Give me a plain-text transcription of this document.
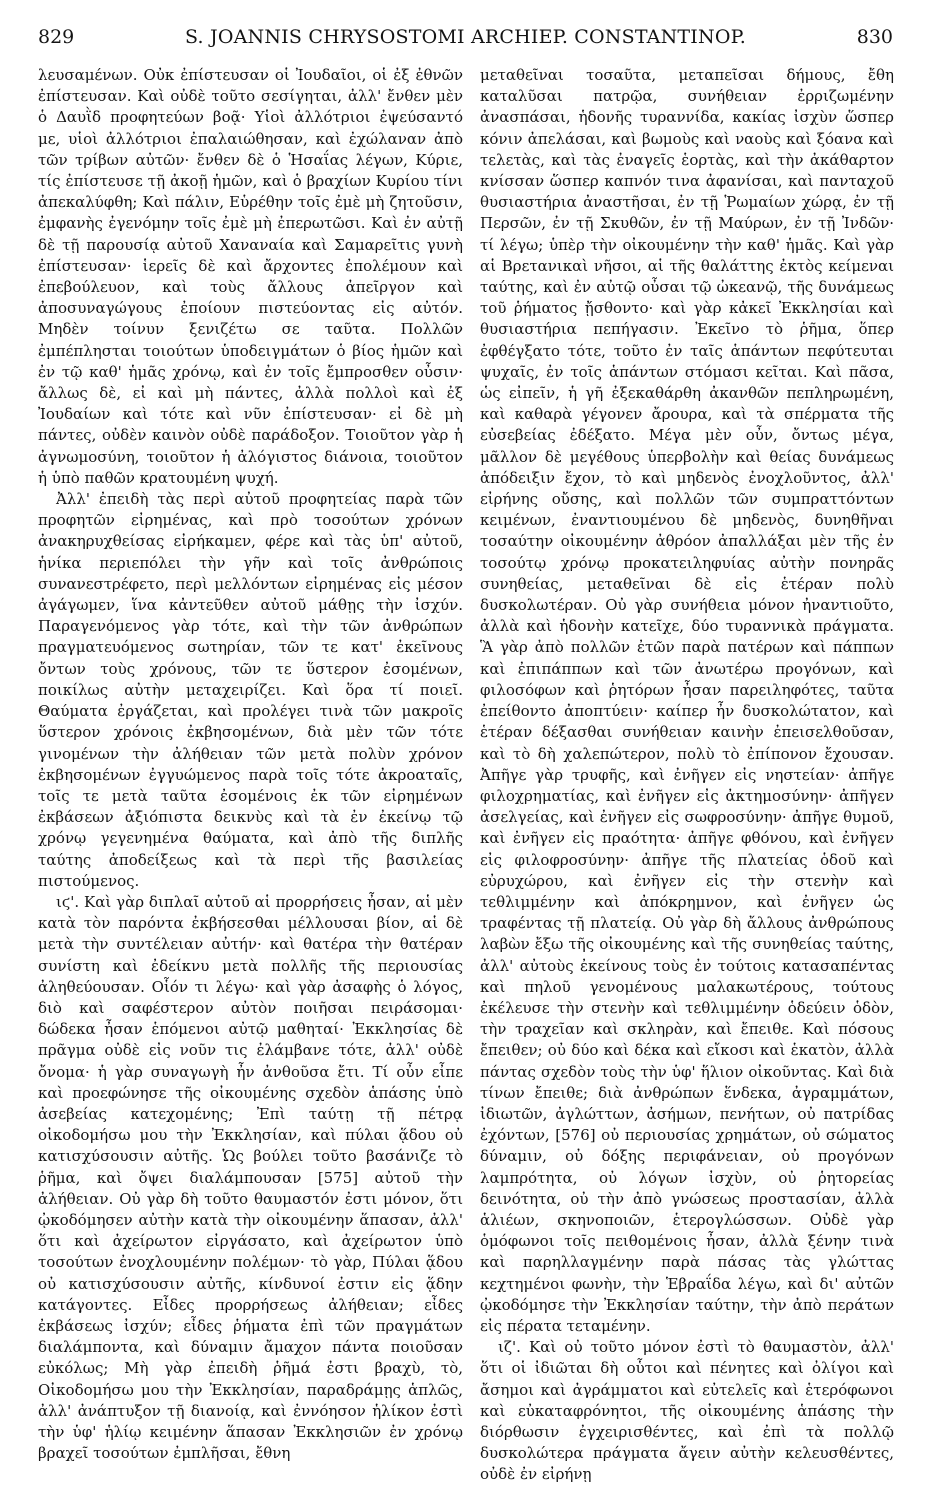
829	S. JOANNIS CHRYSOSTOMI ARCHIEP. CONSTANTINOP.	830

λευσαμένων. Οὐκ ἐπίστευσαν οἱ Ἰουδαῖοι, οἱ ἐξ ἐθνῶν ἐπίστευσαν. Καὶ οὐδὲ τοῦτο σεσίγηται, ἀλλ' ἔνθεν μὲν ὁ Δαυῒδ προφητεύων βοᾷ· Υἱοὶ ἀλλότριοι ἐψεύσαντό με, υἱοὶ ἀλλότριοι ἐπαλαιώθησαν, καὶ ἐχώλαναν ἀπὸ τῶν τρίβων αὐτῶν· ἔνθεν δὲ ὁ Ἡσαΐας λέγων, Κύριε, τίς ἐπίστευσε τῇ ἀκοῇ ἡμῶν, καὶ ὁ βραχίων Κυρίου τίνι ἀπεκαλύφθη; Καὶ πάλιν, Εὑρέθην τοῖς ἐμὲ μὴ ζητοῦσιν, ἐμφανὴς ἐγενόμην τοῖς ἐμὲ μὴ ἐπερωτῶσι. Καὶ ἐν αὐτῇ δὲ τῇ παρουσίᾳ αὐτοῦ Χαναναία καὶ Σαμαρεῖτις γυνὴ ἐπίστευσαν· ἱερεῖς δὲ καὶ ἄρχοντες ἐπολέμουν καὶ ἐπεβούλευον, καὶ τοὺς ἄλλους ἀπεῖργον καὶ ἀποσυναγώγους ἐποίουν πιστεύοντας εἰς αὐτόν. Μηδὲν τοίνυν ξενιζέτω σε ταῦτα. Πολλῶν ἐμπέπλησται τοιούτων ὑποδειγμάτων ὁ βίος ἡμῶν καὶ ἐν τῷ καθ' ἡμᾶς χρόνῳ, καὶ ἐν τοῖς ἔμπροσθεν οὖσιν· ἄλλως δὲ, εἰ καὶ μὴ πάντες, ἀλλὰ πολλοὶ καὶ ἐξ Ἰουδαίων καὶ τότε καὶ νῦν ἐπίστευσαν· εἰ δὲ μὴ πάντες, οὐδὲν καινὸν οὐδὲ παράδοξον. Τοιοῦτον γὰρ ἡ ἀγνωμοσύνη, τοιοῦτον ἡ ἀλόγιστος διάνοια, τοιοῦτον ἡ ὑπὸ παθῶν κρατουμένη ψυχή.

Ἀλλ' ἐπειδὴ τὰς περὶ αὐτοῦ προφητείας παρὰ τῶν προφητῶν εἰρημένας, καὶ πρὸ τοσούτων χρόνων ἀνακηρυχθείσας εἰρήκαμεν, φέρε καὶ τὰς ὑπ' αὐτοῦ, ἡνίκα περιεπόλει τὴν γῆν καὶ τοῖς ἀνθρώποις συνανεστρέφετο, περὶ μελλόντων εἰρημένας εἰς μέσον ἀγάγωμεν, ἵνα κἀντεῦθεν αὐτοῦ μάθῃς τὴν ἰσχύν. Παραγενόμενος γὰρ τότε, καὶ τὴν τῶν ἀνθρώπων πραγματευόμενος σωτηρίαν, τῶν τε κατ' ἐκεῖνους ὄντων τοὺς χρόνους, τῶν τε ὕστερον ἐσομένων, ποικίλως αὐτὴν μεταχειρίζει. Καὶ ὅρα τί ποιεῖ. Θαύματα ἐργάζεται, καὶ προλέγει τινὰ τῶν μακροῖς ὕστερον χρόνοις ἐκβησομένων, διὰ μὲν τῶν τότε γινομένων τὴν ἀλήθειαν τῶν μετὰ πολὺν χρόνον ἐκβησομένων ἐγγυώμενος παρὰ τοῖς τότε ἀκροαταῖς, τοῖς τε μετὰ ταῦτα ἐσομένοις ἐκ τῶν εἰρημένων ἐκβάσεων ἀξιόπιστα δεικνὺς καὶ τὰ ἐν ἐκείνῳ τῷ χρόνῳ γεγενημένα θαύματα, καὶ ἀπὸ τῆς διπλῆς ταύτης ἀποδείξεως καὶ τὰ περὶ τῆς βασιλείας πιστούμενος.

ιϛ'. Καὶ γὰρ διπλαῖ αὐτοῦ αἱ προρρήσεις ἦσαν, αἱ μὲν κατὰ τὸν παρόντα ἐκβήσεσθαι μέλλουσαι βίον, αἱ δὲ μετὰ τὴν συντέλειαν αὐτήν· καὶ θατέρα τὴν θατέραν συνίστη καὶ ἐδείκνυ μετὰ πολλῆς τῆς περιουσίας ἀληθεύουσαν. Οἷόν τι λέγω· καὶ γὰρ ἀσαφὴς ὁ λόγος, διὸ καὶ σαφέστερον αὐτὸν ποιῆσαι πειράσομαι· δώδεκα ἦσαν ἑπόμενοι αὐτῷ μαθηταί· Ἐκκλησίας δὲ πρᾶγμα οὐδὲ εἰς νοῦν τις ἐλάμβανε τότε, ἀλλ' οὐδὲ ὄνομα· ἡ γὰρ συναγωγὴ ἦν ἀνθοῦσα ἔτι. Τί οὖν εἶπε καὶ προεφώνησε τῆς οἰκουμένης σχεδὸν ἁπάσης ὑπὸ ἀσεβείας κατεχομένης; Ἐπὶ ταύτῃ τῇ πέτρᾳ οἰκοδομήσω μου τὴν Ἐκκλησίαν, καὶ πύλαι ᾅδου οὐ κατισχύσουσιν αὐτῆς. Ὡς βούλει τοῦτο βασάνιζε τὸ ῥῆμα, καὶ ὄψει διαλάμπουσαν [575] αὐτοῦ τὴν ἀλήθειαν. Οὐ γὰρ δὴ τοῦτο θαυμαστόν ἐστι μόνον, ὅτι ᾠκοδόμησεν αὐτὴν κατὰ τὴν οἰκουμένην ἅπασαν, ἀλλ' ὅτι καὶ ἀχείρωτον εἰργάσατο, καὶ ἀχείρωτον ὑπὸ τοσούτων ἐνοχλουμένην πολέμων· τὸ γὰρ, Πύλαι ᾅδου οὐ κατισχύσουσιν αὐτῆς, κίνδυνοί ἐστιν εἰς ᾅδην κατάγοντες. Εἶδες προρρήσεως ἀλήθειαν; εἶδες ἐκβάσεως ἰσχύν; εἶδες ῥήματα ἐπὶ τῶν πραγμάτων διαλάμποντα, καὶ δύναμιν ἄμαχον πάντα ποιοῦσαν εὐκόλως; Μὴ γὰρ ἐπειδὴ ῥῆμά ἐστι βραχὺ, τὸ, Οἰκοδομήσω μου τὴν Ἐκκλησίαν, παραδράμῃς ἁπλῶς, ἀλλ' ἀνάπτυξον τῇ διανοίᾳ, καὶ ἐννόησον ἡλίκον ἐστὶ τὴν ὑφ' ἡλίῳ κειμένην ἅπασαν Ἐκκλησιῶν ἐν χρόνῳ βραχεῖ τοσούτων ἐμπλῆσαι, ἔθνη

μεταθεῖναι τοσαῦτα, μεταπεῖσαι δήμους, ἔθη καταλῦσαι πατρῷα, συνήθειαν ἐρριζωμένην ἀνασπάσαι, ἡδονῆς τυραννίδα, κακίας ἰσχὺν ὥσπερ κόνιν ἀπελάσαι, καὶ βωμοὺς καὶ ναοὺς καὶ ξόανα καὶ τελετὰς, καὶ τὰς ἐναγεῖς ἑορτὰς, καὶ τὴν ἀκάθαρτον κνίσσαν ὥσπερ καπνόν τινα ἀφανίσαι, καὶ πανταχοῦ θυσιαστήρια ἀναστῆσαι, ἐν τῇ Ῥωμαίων χώρᾳ, ἐν τῇ Περσῶν, ἐν τῇ Σκυθῶν, ἐν τῇ Μαύρων, ἐν τῇ Ἰνδῶν· τί λέγω; ὑπὲρ τὴν οἰκουμένην τὴν καθ' ἡμᾶς. Καὶ γὰρ αἱ Βρετανικαὶ νῆσοι, αἱ τῆς θαλάττης ἐκτὸς κείμεναι ταύτης, καὶ ἐν αὐτῷ οὖσαι τῷ ὠκεανῷ, τῆς δυνάμεως τοῦ ῥήματος ᾔσθοντο· καὶ γὰρ κἀκεῖ Ἐκκλησίαι καὶ θυσιαστήρια πεπήγασιν. Ἐκεῖνο τὸ ῥῆμα, ὅπερ ἐφθέγξατο τότε, τοῦτο ἐν ταῖς ἁπάντων πεφύτευται ψυχαῖς, ἐν τοῖς ἁπάντων στόμασι κεῖται. Καὶ πᾶσα, ὡς εἰπεῖν, ἡ γῆ ἐξεκαθάρθη ἀκανθῶν πεπληρωμένη, καὶ καθαρὰ γέγονεν ἄρουρα, καὶ τὰ σπέρματα τῆς εὐσεβείας ἐδέξατο. Μέγα μὲν οὖν, ὄντως μέγα, μᾶλλον δὲ μεγέθους ὑπερβολὴν καὶ θείας δυνάμεως ἀπόδειξιν ἔχον, τὸ καὶ μηδενὸς ἐνοχλοῦντος, ἀλλ' εἰρήνης οὔσης, καὶ πολλῶν τῶν συμπραττόντων κειμένων, ἐναντιουμένου δὲ μηδενὸς, δυνηθῆναι τοσαύτην οἰκουμένην ἀθρόον ἀπαλλάξαι μὲν τῆς ἐν τοσούτῳ χρόνῳ προκατειληφυίας αὐτὴν πονηρᾶς συνηθείας, μεταθεῖναι δὲ εἰς ἑτέραν πολὺ δυσκολωτέραν. Οὐ γὰρ συνήθεια μόνον ἠναντιοῦτο, ἀλλὰ καὶ ἡδονὴν κατεῖχε, δύο τυραννικὰ πράγματα. Ἃ γὰρ ἀπὸ πολλῶν ἐτῶν παρὰ πατέρων καὶ πάππων καὶ ἐπιπάππων καὶ τῶν ἀνωτέρω προγόνων, καὶ φιλοσόφων καὶ ῥητόρων ἦσαν παρειληφότες, ταῦτα ἐπείθοντο ἀποπτύειν· καίπερ ἦν δυσκολώτατον, καὶ ἑτέραν δέξασθαι συνήθειαν καινὴν ἐπεισελθοῦσαν, καὶ τὸ δὴ χαλεπώτερον, πολὺ τὸ ἐπίπονον ἔχουσαν. Ἀπῆγε γὰρ τρυφῆς, καὶ ἐνῆγεν εἰς νηστείαν· ἀπῆγε φιλοχρηματίας, καὶ ἐνῆγεν εἰς ἀκτημοσύνην· ἀπῆγεν ἀσελγείας, καὶ ἐνῆγεν εἰς σωφροσύνην· ἀπῆγε θυμοῦ, καὶ ἐνῆγεν εἰς πραότητα· ἀπῆγε φθόνου, καὶ ἐνῆγεν εἰς φιλοφροσύνην· ἀπῆγε τῆς πλατείας ὁδοῦ καὶ εὐρυχώρου, καὶ ἐνῆγεν εἰς τὴν στενὴν καὶ τεθλιμμένην καὶ ἀπόκρημνον, καὶ ἐνῆγεν ὡς τραφέντας τῇ πλατείᾳ. Οὐ γὰρ δὴ ἄλλους ἀνθρώπους λαβὼν ἔξω τῆς οἰκουμένης καὶ τῆς συνηθείας ταύτης, ἀλλ' αὐτοὺς ἐκείνους τοὺς ἐν τούτοις κατασαπέντας καὶ πηλοῦ γενομένους μαλακωτέρους, τούτους ἐκέλευσε τὴν στενὴν καὶ τεθλιμμένην ὁδεύειν ὁδὸν, τὴν τραχεῖαν καὶ σκληρὰν, καὶ ἔπειθε. Καὶ πόσους ἔπειθεν; οὐ δύο καὶ δέκα καὶ εἴκοσι καὶ ἑκατὸν, ἀλλὰ πάντας σχεδὸν τοὺς τὴν ὑφ' ἥλιον οἰκοῦντας. Καὶ διὰ τίνων ἔπειθε; διὰ ἀνθρώπων ἕνδεκα, ἀγραμμάτων, ἰδιωτῶν, ἀγλώττων, ἀσήμων, πενήτων, οὐ πατρίδας ἐχόντων, [576] οὐ περιουσίας χρημάτων, οὐ σώματος δύναμιν, οὐ δόξης περιφάνειαν, οὐ προγόνων λαμπρότητα, οὐ λόγων ἰσχὺν, οὐ ῥητορείας δεινότητα, οὐ τὴν ἀπὸ γνώσεως προστασίαν, ἀλλὰ ἁλιέων, σκηνοποιῶν, ἑτερογλώσσων. Οὐδὲ γὰρ ὁμόφωνοι τοῖς πειθομένοις ἦσαν, ἀλλὰ ξένην τινὰ καὶ παρηλλαγμένην παρὰ πάσας τὰς γλώττας κεχτημένοι φωνὴν, τὴν Ἑβραΐδα λέγω, καὶ δι' αὐτῶν ᾠκοδόμησε τὴν Ἐκκλησίαν ταύτην, τὴν ἀπὸ περάτων εἰς πέρατα τεταμένην.

ιζ'. Καὶ οὐ τοῦτο μόνον ἐστὶ τὸ θαυμαστὸν, ἀλλ' ὅτι οἱ ἰδιῶται δὴ οὗτοι καὶ πένητες καὶ ὀλίγοι καὶ ἄσημοι καὶ ἀγράμματοι καὶ εὐτελεῖς καὶ ἑτερόφωνοι καὶ εὐκαταφρόνητοι, τῆς οἰκουμένης ἁπάσης τὴν διόρθωσιν ἐγχειρισθέντες, καὶ ἐπὶ τὰ πολλῷ δυσκολώτερα πράγματα ἄγειν αὐτὴν κελευσθέντες, οὐδὲ ἐν εἰρήνῃ
